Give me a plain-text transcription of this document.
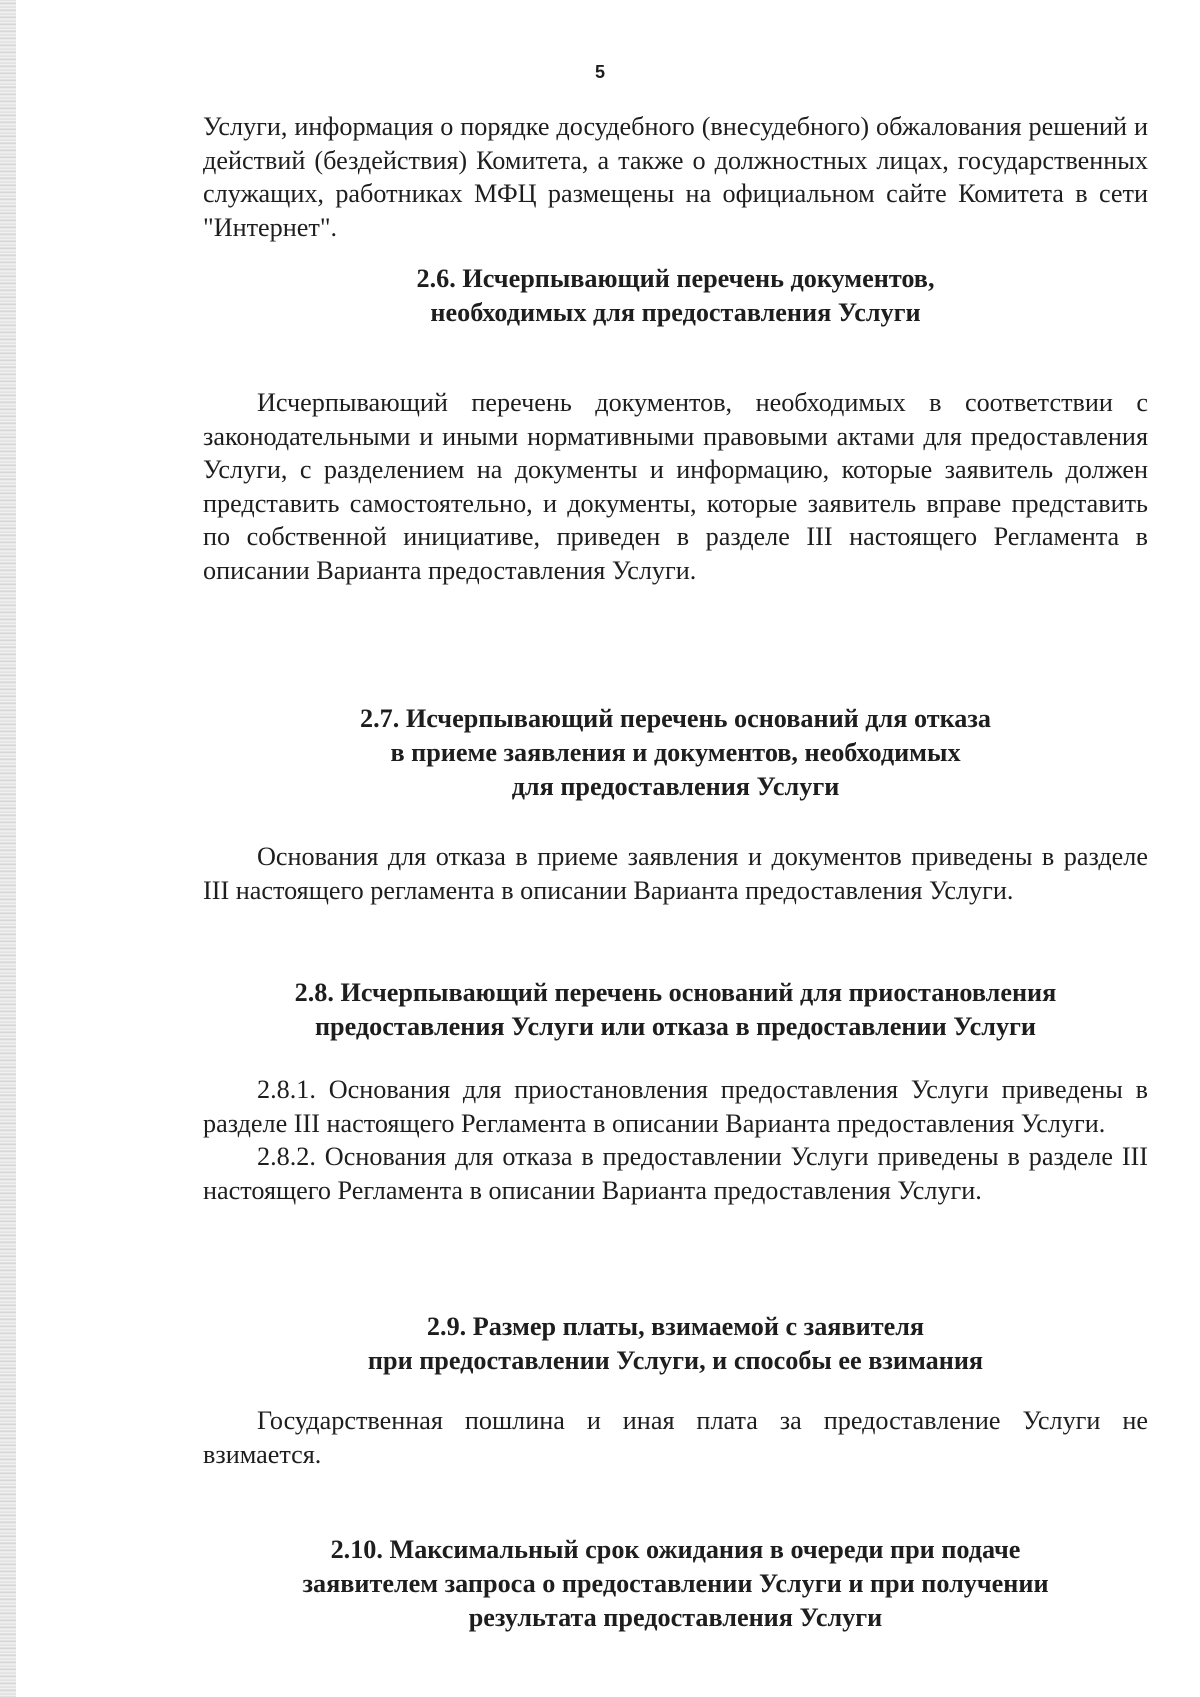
5

Услуги, информация о порядке досудебного (внесудебного) обжалования решений и действий (бездействия) Комитета, а также о должностных лицах, государственных служащих, работниках МФЦ размещены на официальном сайте Комитета в сети "Интернет".

2.6. Исчерпывающий перечень документов,
необходимых для предоставления Услуги

Исчерпывающий перечень документов, необходимых в соответствии с законодательными и иными нормативными правовыми актами для предоставления Услуги, с разделением на документы и информацию, которые заявитель должен представить самостоятельно, и документы, которые заявитель вправе представить по собственной инициативе, приведен в разделе III настоящего Регламента в описании Варианта предоставления Услуги.

2.7. Исчерпывающий перечень оснований для отказа
в приеме заявления и документов, необходимых
для предоставления Услуги

Основания для отказа в приеме заявления и документов приведены в разделе III настоящего регламента в описании Варианта предоставления Услуги.

2.8. Исчерпывающий перечень оснований для приостановления
предоставления Услуги или отказа в предоставлении Услуги

2.8.1. Основания для приостановления предоставления Услуги приведены в разделе III настоящего Регламента в описании Варианта предоставления Услуги.

2.8.2. Основания для отказа в предоставлении Услуги приведены в разделе III настоящего Регламента в описании Варианта предоставления Услуги.

2.9. Размер платы, взимаемой с заявителя
при предоставлении Услуги, и способы ее взимания

Государственная пошлина и иная плата за предоставление Услуги не взимается.

2.10. Максимальный срок ожидания в очереди при подаче
заявителем запроса о предоставлении Услуги и при получении
результата предоставления Услуги
